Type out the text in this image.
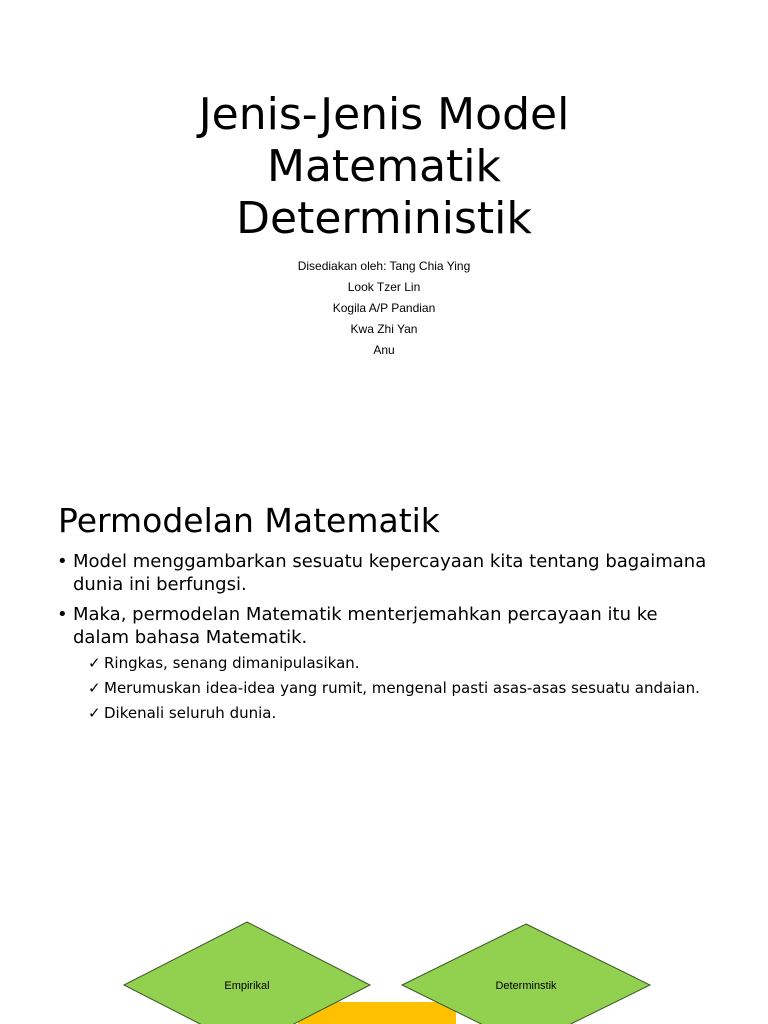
Jenis-Jenis Model
Matematik
Deterministik
Disediakan oleh: Tang Chia Ying
Look Tzer Lin
Kogila A/P Pandian
Kwa Zhi Yan
Anu
Permodelan Matematik
• Model menggambarkan sesuatu kepercayaan kita tentang bagaimana dunia ini berfungsi.
• Maka, permodelan Matematik menterjemahkan percayaan itu ke dalam bahasa Matematik.
✓ Ringkas, senang dimanipulasikan.
✓ Merumuskan idea-idea yang rumit, mengenal pasti asas-asas sesuatu andaian.
✓ Dikenali seluruh dunia.
Empirikal	Determinstik
